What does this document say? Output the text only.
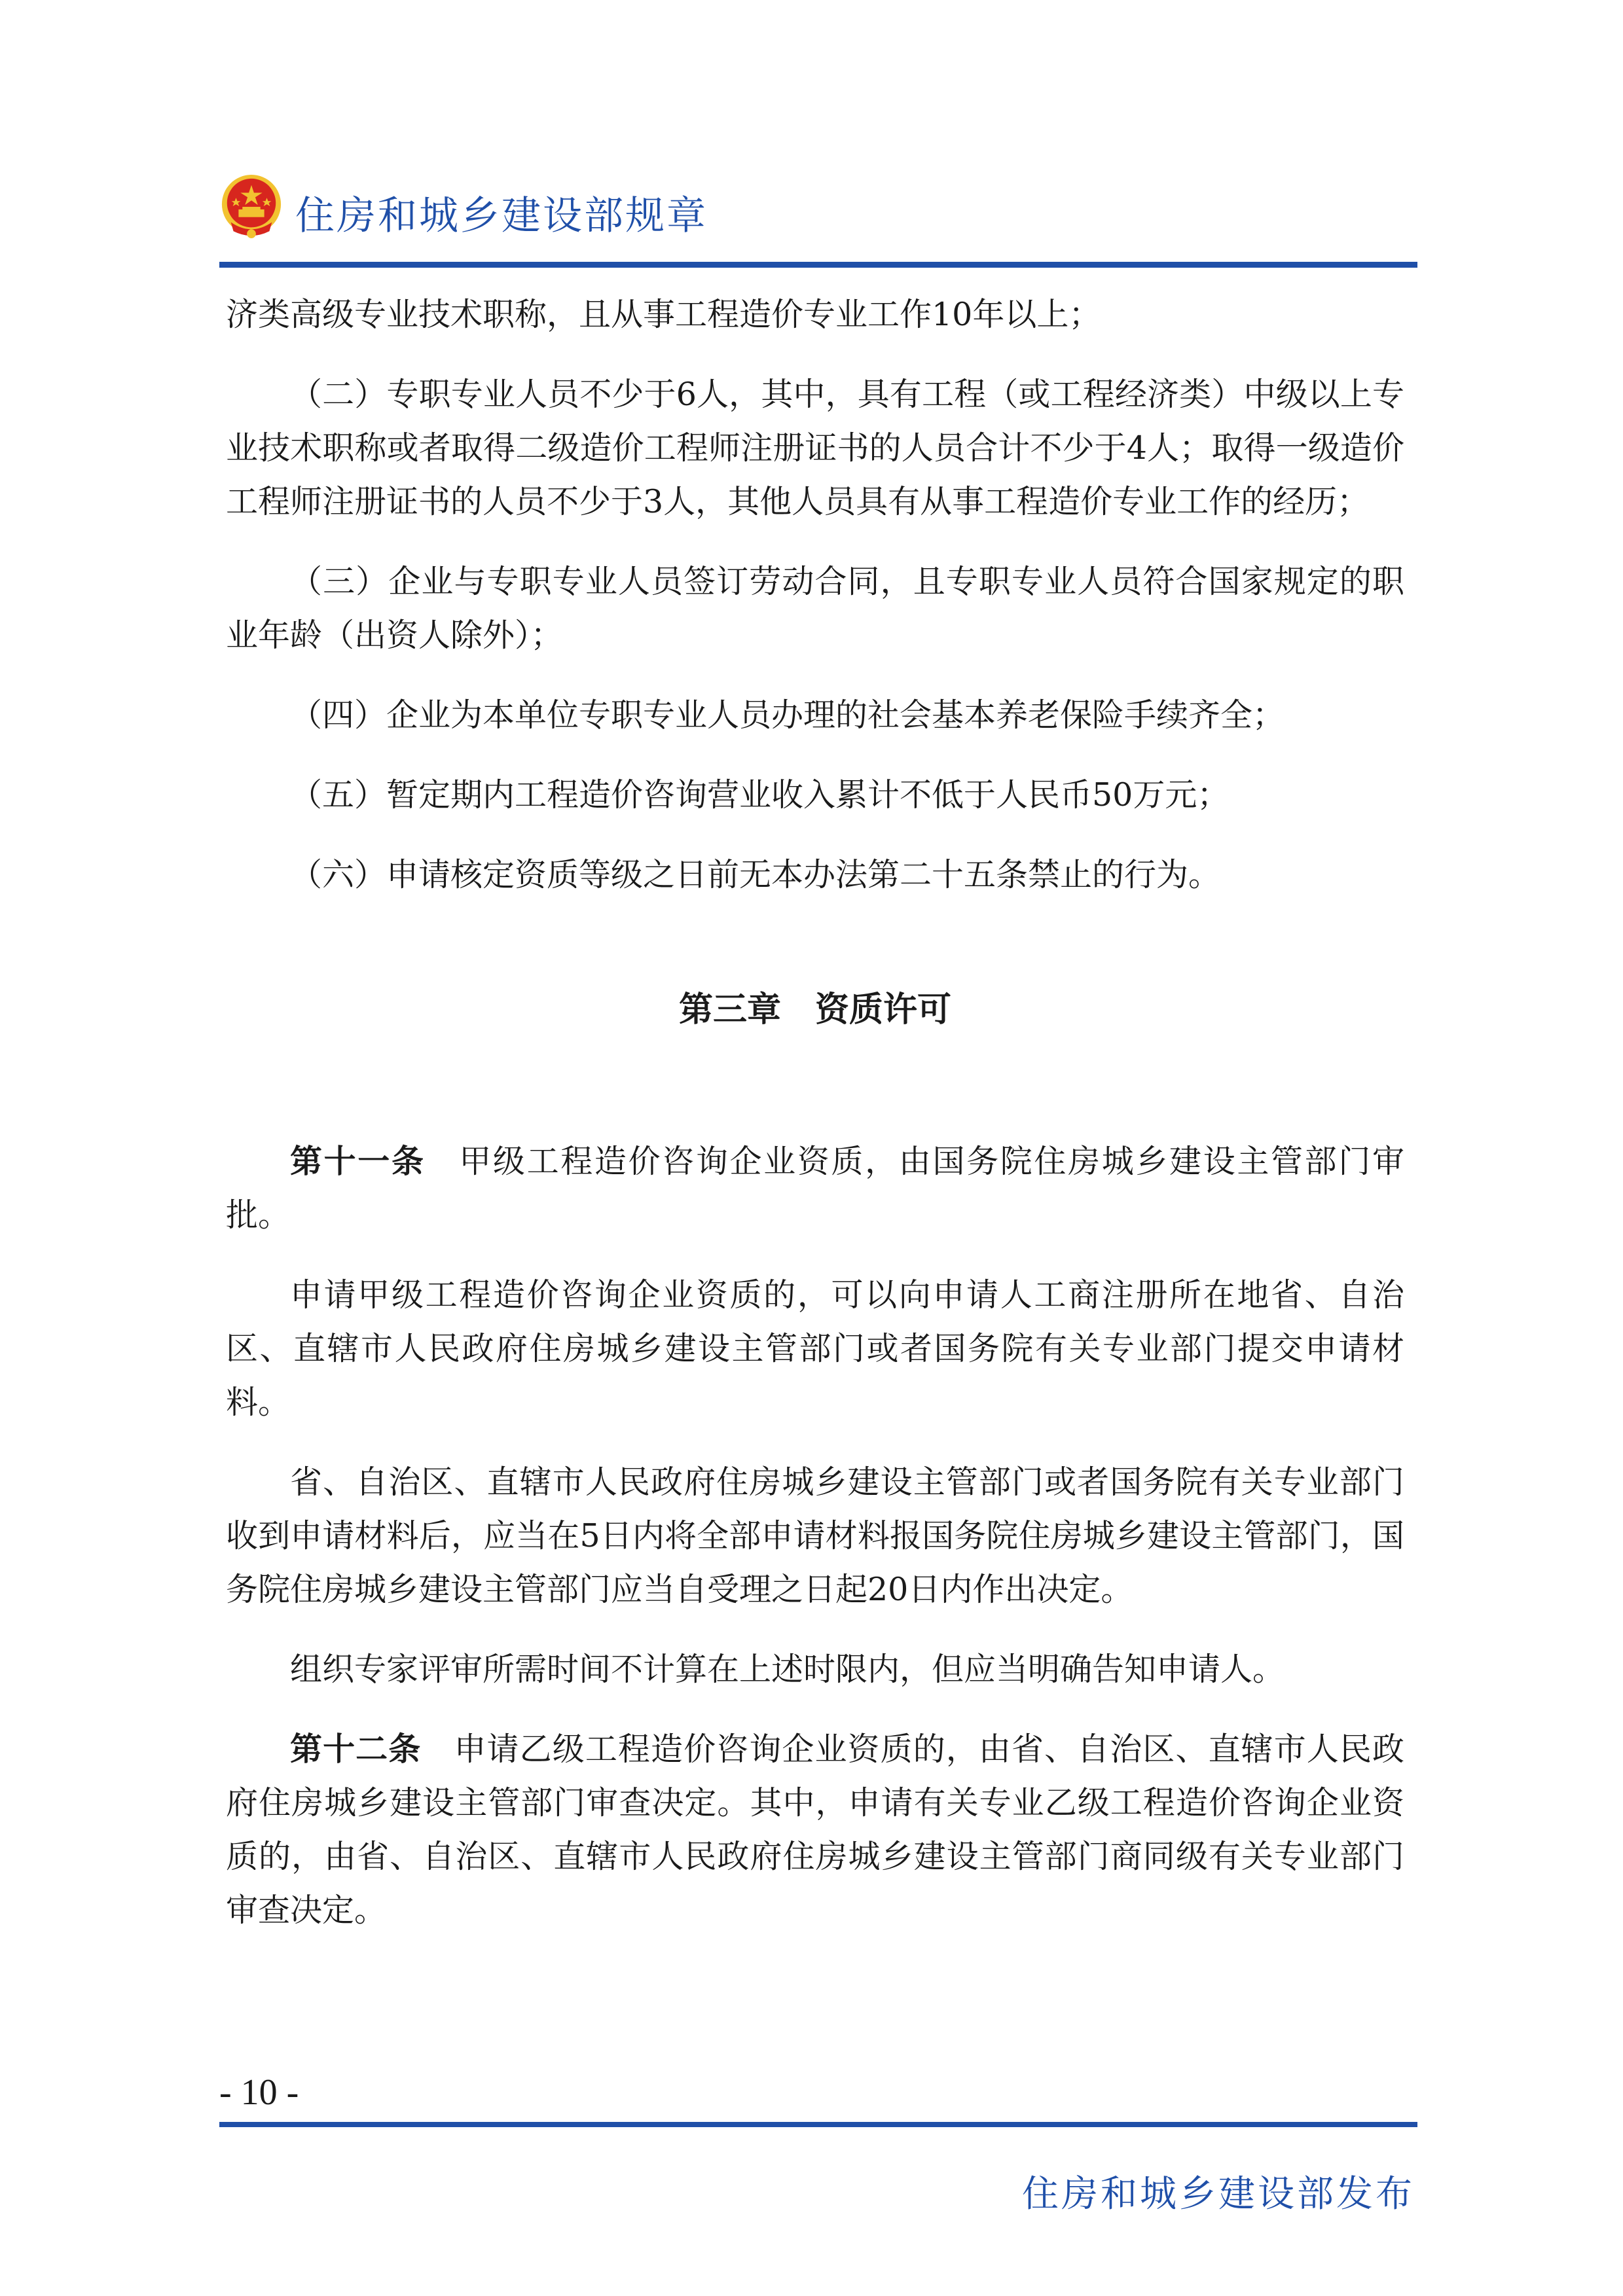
住房和城乡建设部规章

济类高级专业技术职称，且从事工程造价专业工作10年以上；

（二）专职专业人员不少于6人，其中，具有工程（或工程经济类）中级以上专业技术职称或者取得二级造价工程师注册证书的人员合计不少于4人；取得一级造价工程师注册证书的人员不少于3人，其他人员具有从事工程造价专业工作的经历；

（三）企业与专职专业人员签订劳动合同，且专职专业人员符合国家规定的职业年龄（出资人除外）；

（四）企业为本单位专职专业人员办理的社会基本养老保险手续齐全；

（五）暂定期内工程造价咨询营业收入累计不低于人民币50万元；

（六）申请核定资质等级之日前无本办法第二十五条禁止的行为。

第三章　资质许可

第十一条　甲级工程造价咨询企业资质，由国务院住房城乡建设主管部门审批。

申请甲级工程造价咨询企业资质的，可以向申请人工商注册所在地省、自治区、直辖市人民政府住房城乡建设主管部门或者国务院有关专业部门提交申请材料。

省、自治区、直辖市人民政府住房城乡建设主管部门或者国务院有关专业部门收到申请材料后，应当在5日内将全部申请材料报国务院住房城乡建设主管部门，国务院住房城乡建设主管部门应当自受理之日起20日内作出决定。

组织专家评审所需时间不计算在上述时限内，但应当明确告知申请人。

第十二条　申请乙级工程造价咨询企业资质的，由省、自治区、直辖市人民政府住房城乡建设主管部门审查决定。其中，申请有关专业乙级工程造价咨询企业资质的，由省、自治区、直辖市人民政府住房城乡建设主管部门商同级有关专业部门审查决定。

- 10 -
住房和城乡建设部发布
